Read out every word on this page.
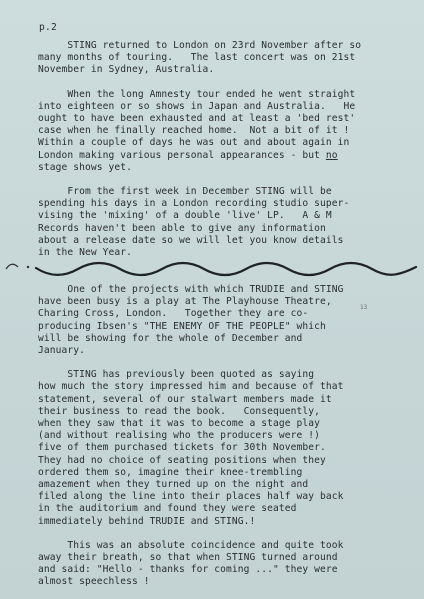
p.2

STING returned to London on 23rd November after so
many months of touring.   The last concert was on 21st
November in Sydney, Australia.

When the long Amnesty tour ended he went straight
into eighteen or so shows in Japan and Australia.   He
ought to have been exhausted and at least a 'bed rest'
case when he finally reached home.  Not a bit of it !
Within a couple of days he was out and about again in
London making various personal appearances - but no
stage shows yet.

From the first week in December STING will be
spending his days in a London recording studio super-
vising the 'mixing' of a double 'live' LP.   A & M
Records haven't been able to give any information
about a release date so we will let you know details
in the New Year.

13

One of the projects with which TRUDIE and STING
have been busy is a play at The Playhouse Theatre,
Charing Cross, London.   Together they are co-
producing Ibsen's "THE ENEMY OF THE PEOPLE" which
will be showing for the whole of December and
January.

STING has previously been quoted as saying
how much the story impressed him and because of that
statement, several of our stalwart members made it
their business to read the book.   Consequently,
when they saw that it was to become a stage play
(and without realising who the producers were !)
five of them purchased tickets for 30th November.
They had no choice of seating positions when they
ordered them so, imagine their knee-trembling
amazement when they turned up on the night and
filed along the line into their places half way back
in the auditorium and found they were seated
immediately behind TRUDIE and STING.!

This was an absolute coincidence and quite took
away their breath, so that when STING turned around
and said: "Hello - thanks for coming ..." they were
almost speechless !
